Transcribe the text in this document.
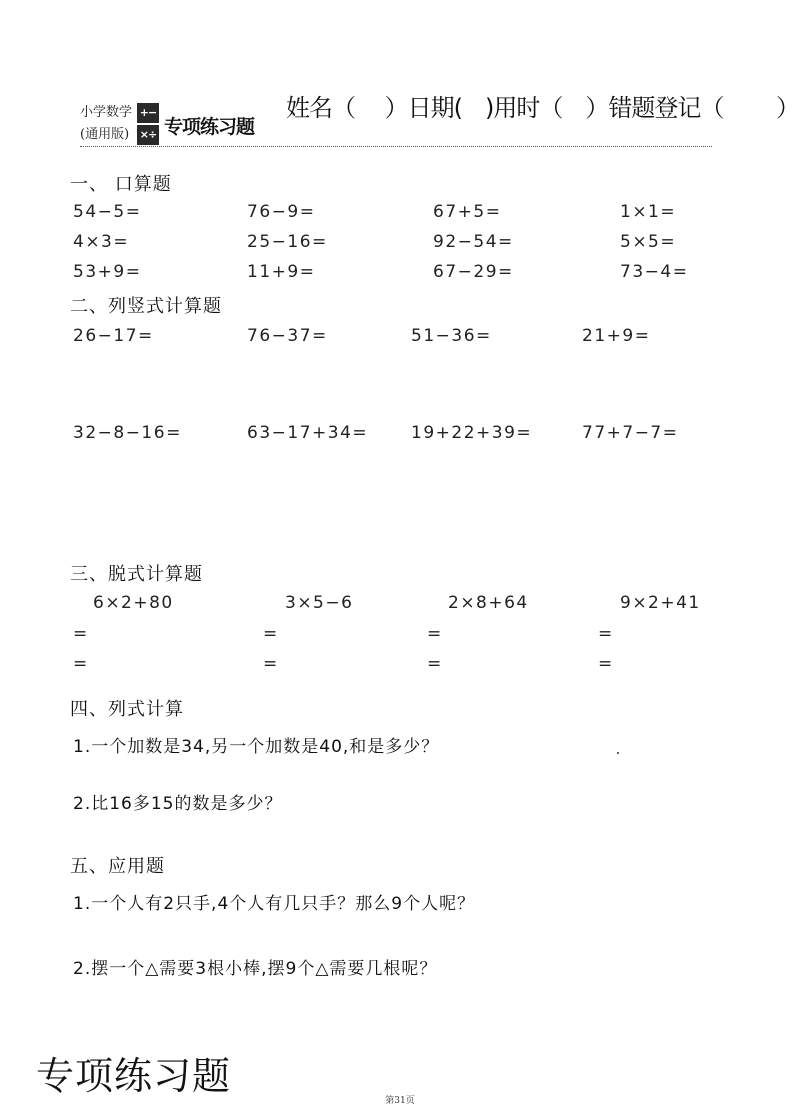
小学数学
(通用版)
+−
×÷ 专项练习题
姓名（　 ）日期(　)用时（　）错题登记（　　 ）
一、 口算题
54−5=	76−9=	67+5=	1×1=
4×3=	25−16=	92−54=	5×5=
53+9=	11+9=	67−29=	73−4=
二、列竖式计算题
26−17=	76−37=	51−36=	21+9=
32−8−16=	63−17+34=	19+22+39=	77+7−7=
三、脱式计算题
6×2+80	3×5−6	2×8+64	9×2+41
=	=	=	=
=	=	=	=
四、列式计算
1.一个加数是34,另一个加数是40,和是多少？
2.比16多15的数是多少？
五、应用题
1.一个人有2只手,4个人有几只手？那么9个人呢？
2.摆一个△需要3根小棒,摆9个△需要几根呢？
专项练习题
第31页
